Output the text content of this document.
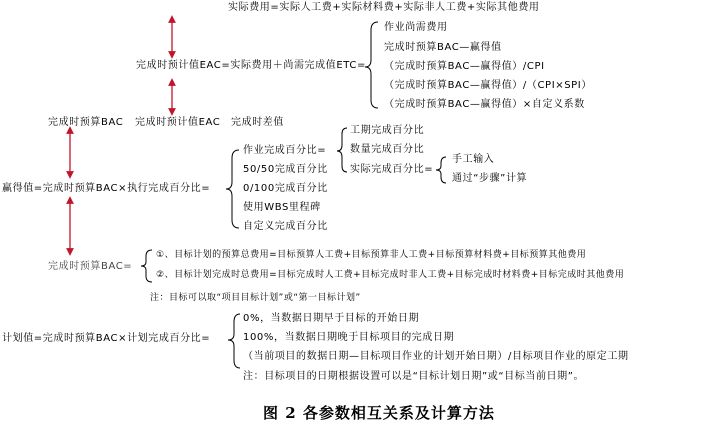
实际费用=实际人工费+实际材料费+实际非人工费+实际其他费用
完成时预计值EAC=实际费用＋尚需完成值ETC=
作业尚需费用
完成时预算BAC—赢得值
（完成时预算BAC—赢得值）/CPI
（完成时预算BAC—赢得值）/（CPI×SPI）
（完成时预算BAC—赢得值）×自定义系数
完成时预算BAC 完成时预计值EAC 完成时差值
赢得值=完成时预算BAC×执行完成百分比=
作业完成百分比=
50/50完成百分比
0/100完成百分比
使用WBS里程碑
自定义完成百分比
工期完成百分比
数量完成百分比
实际完成百分比=
手工输入
通过“步骤”计算
完成时预算BAC=
①、目标计划的预算总费用=目标预算人工费+目标预算非人工费+目标预算材料费+目标预算其他费用
②、目标计划完成时总费用=目标完成时人工费+目标完成时非人工费+目标完成时材料费+目标完成时其他费用
注：目标可以取“项目目标计划”或“第一目标计划”
计划值=完成时预算BAC×计划完成百分比=
0%，当数据日期早于目标的开始日期
100%，当数据日期晚于目标项目的完成日期
（当前项目的数据日期—目标项目作业的计划开始日期）/目标项目作业的原定工期
注：目标项目的日期根据设置可以是“目标计划日期”或“目标当前日期”。
图 2 各参数相互关系及计算方法
